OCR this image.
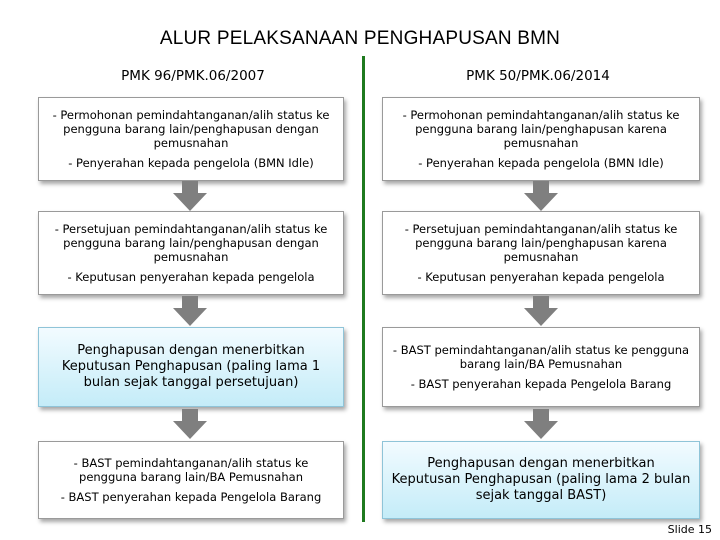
ALUR PELAKSANAAN PENGHAPUSAN BMN
PMK 96/PMK.06/2007	PMK 50/PMK.06/2014
- Permohonan pemindahtanganan/alih status ke pengguna barang lain/penghapusan dengan pemusnahan
- Penyerahan kepada pengelola (BMN Idle)
- Persetujuan pemindahtanganan/alih status ke pengguna barang lain/penghapusan dengan pemusnahan
- Keputusan penyerahan kepada pengelola
Penghapusan dengan menerbitkan Keputusan Penghapusan (paling lama 1 bulan sejak tanggal persetujuan)
- BAST pemindahtanganan/alih status ke pengguna barang lain/BA Pemusnahan
- BAST penyerahan kepada Pengelola Barang
- Permohonan pemindahtanganan/alih status ke pengguna barang lain/penghapusan karena pemusnahan
- Penyerahan kepada pengelola (BMN Idle)
- Persetujuan pemindahtanganan/alih status ke pengguna barang lain/penghapusan karena pemusnahan
- Keputusan penyerahan kepada pengelola
- BAST pemindahtanganan/alih status ke pengguna barang lain/BA Pemusnahan
- BAST penyerahan kepada Pengelola Barang
Penghapusan dengan menerbitkan Keputusan Penghapusan (paling lama 2 bulan sejak tanggal BAST)
Slide 15
